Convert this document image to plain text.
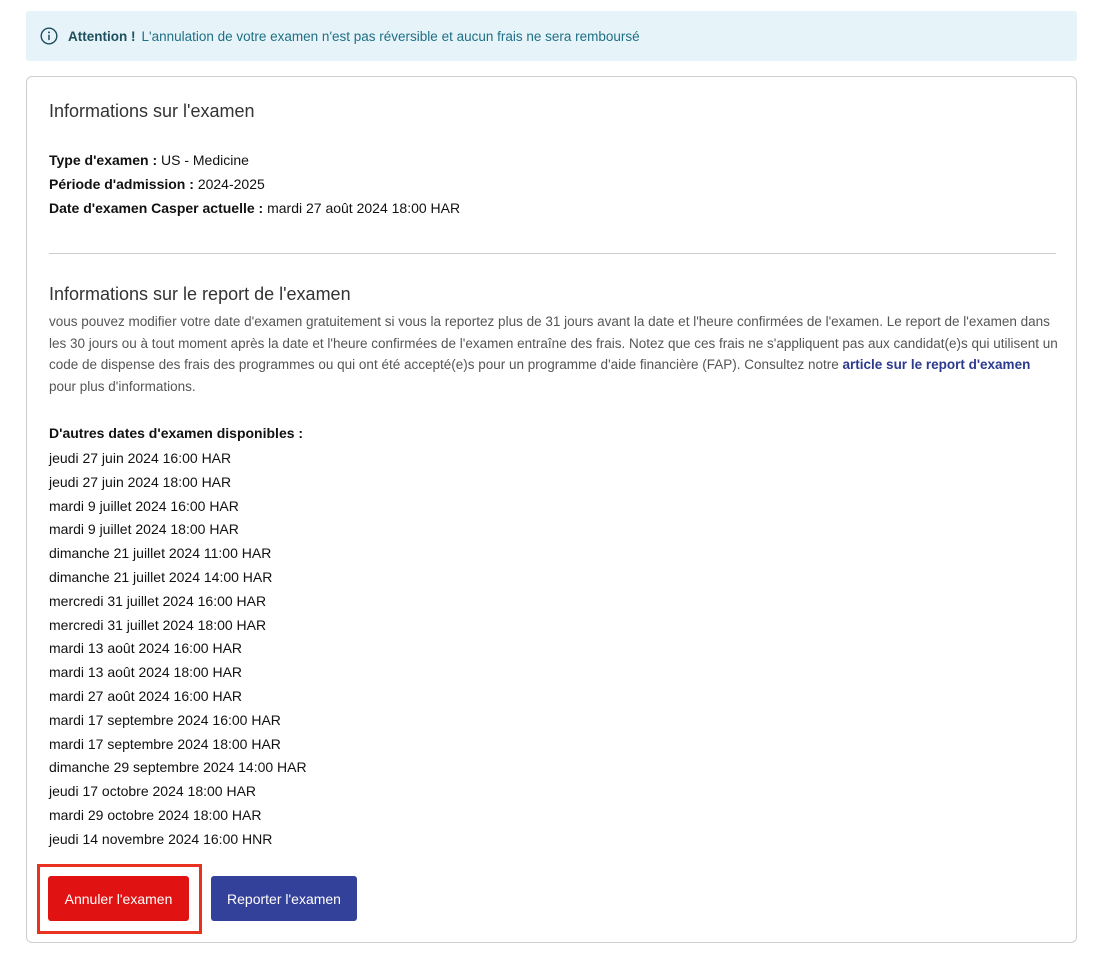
Attention ! L'annulation de votre examen n'est pas réversible et aucun frais ne sera remboursé
Informations sur l'examen
Type d'examen : US - Medicine
Période d'admission : 2024-2025
Date d'examen Casper actuelle : mardi 27 août 2024 18:00 HAR
Informations sur le report de l'examen
vous pouvez modifier votre date d'examen gratuitement si vous la reportez plus de 31 jours avant la date et l'heure confirmées de l'examen. Le report de l'examen dans les 30 jours ou à tout moment après la date et l'heure confirmées de l'examen entraîne des frais. Notez que ces frais ne s'appliquent pas aux candidat(e)s qui utilisent un code de dispense des frais des programmes ou qui ont été accepté(e)s pour un programme d'aide financière (FAP). Consultez notre article sur le report d'examen pour plus d'informations.
D'autres dates d'examen disponibles :
jeudi 27 juin 2024 16:00 HAR
jeudi 27 juin 2024 18:00 HAR
mardi 9 juillet 2024 16:00 HAR
mardi 9 juillet 2024 18:00 HAR
dimanche 21 juillet 2024 11:00 HAR
dimanche 21 juillet 2024 14:00 HAR
mercredi 31 juillet 2024 16:00 HAR
mercredi 31 juillet 2024 18:00 HAR
mardi 13 août 2024 16:00 HAR
mardi 13 août 2024 18:00 HAR
mardi 27 août 2024 16:00 HAR
mardi 17 septembre 2024 16:00 HAR
mardi 17 septembre 2024 18:00 HAR
dimanche 29 septembre 2024 14:00 HAR
jeudi 17 octobre 2024 18:00 HAR
mardi 29 octobre 2024 18:00 HAR
jeudi 14 novembre 2024 16:00 HNR
Annuler l'examen	Reporter l'examen
